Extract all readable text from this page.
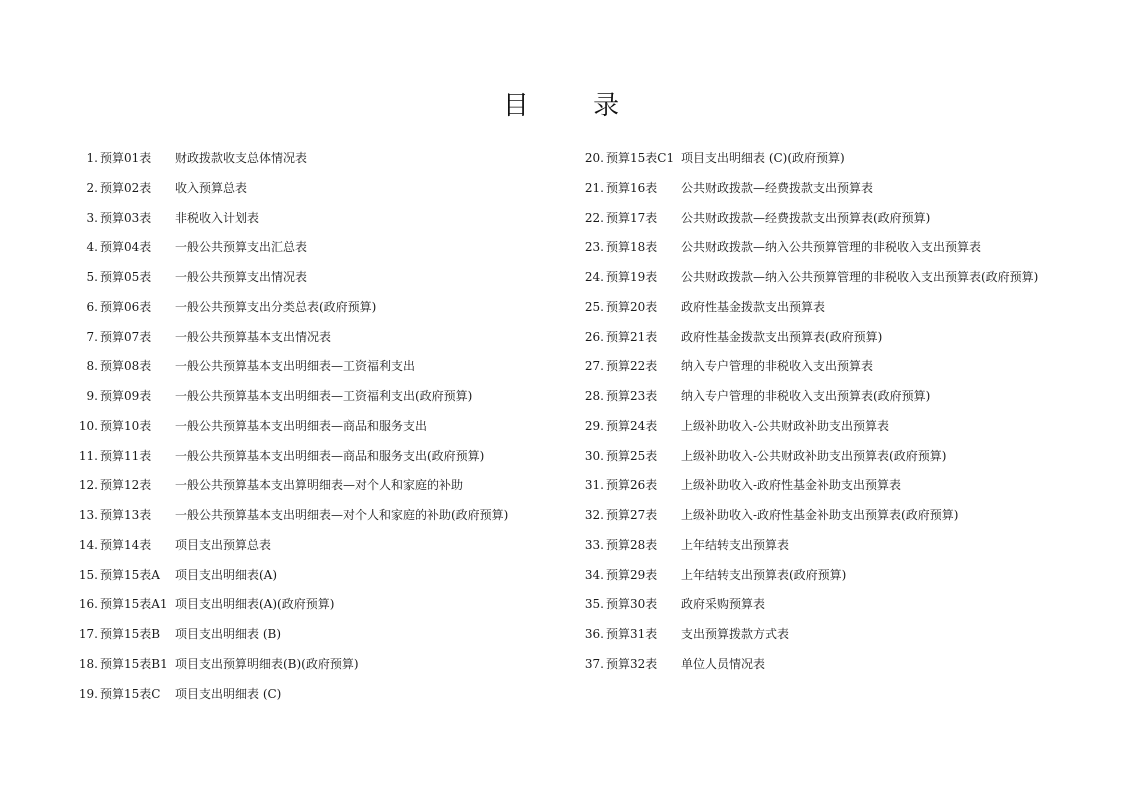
目 录
1. 预算01表	财政拨款收支总体情况表
2. 预算02表	收入预算总表
3. 预算03表	非税收入计划表
4. 预算04表	一般公共预算支出汇总表
5. 预算05表	一般公共预算支出情况表
6. 预算06表	一般公共预算支出分类总表(政府预算)
7. 预算07表	一般公共预算基本支出情况表
8. 预算08表	一般公共预算基本支出明细表—工资福利支出
9. 预算09表	一般公共预算基本支出明细表—工资福利支出(政府预算)
10. 预算10表	一般公共预算基本支出明细表—商品和服务支出
11. 预算11表	一般公共预算基本支出明细表—商品和服务支出(政府预算)
12. 预算12表	一般公共预算基本支出算明细表—对个人和家庭的补助
13. 预算13表	一般公共预算基本支出明细表—对个人和家庭的补助(政府预算)
14. 预算14表	项目支出预算总表
15. 预算15表A	项目支出明细表(A)
16. 预算15表A1 项目支出明细表(A)(政府预算)
17. 预算15表B	项目支出明细表 (B)
18. 预算15表B1 项目支出预算明细表(B)(政府预算)
19. 预算15表C	项目支出明细表 (C)
20. 预算15表C1 项目支出明细表 (C)(政府预算)
21. 预算16表	公共财政拨款—经费拨款支出预算表
22. 预算17表	公共财政拨款—经费拨款支出预算表(政府预算)
23. 预算18表	公共财政拨款—纳入公共预算管理的非税收入支出预算表
24. 预算19表	公共财政拨款—纳入公共预算管理的非税收入支出预算表(政府预算)
25. 预算20表	政府性基金拨款支出预算表
26. 预算21表	政府性基金拨款支出预算表(政府预算)
27. 预算22表	纳入专户管理的非税收入支出预算表
28. 预算23表	纳入专户管理的非税收入支出预算表(政府预算)
29. 预算24表	上级补助收入-公共财政补助支出预算表
30. 预算25表	上级补助收入-公共财政补助支出预算表(政府预算)
31. 预算26表	上级补助收入-政府性基金补助支出预算表
32. 预算27表	上级补助收入-政府性基金补助支出预算表(政府预算)
33. 预算28表	上年结转支出预算表
34. 预算29表	上年结转支出预算表(政府预算)
35. 预算30表	政府采购预算表
36. 预算31表	支出预算拨款方式表
37. 预算32表	单位人员情况表
